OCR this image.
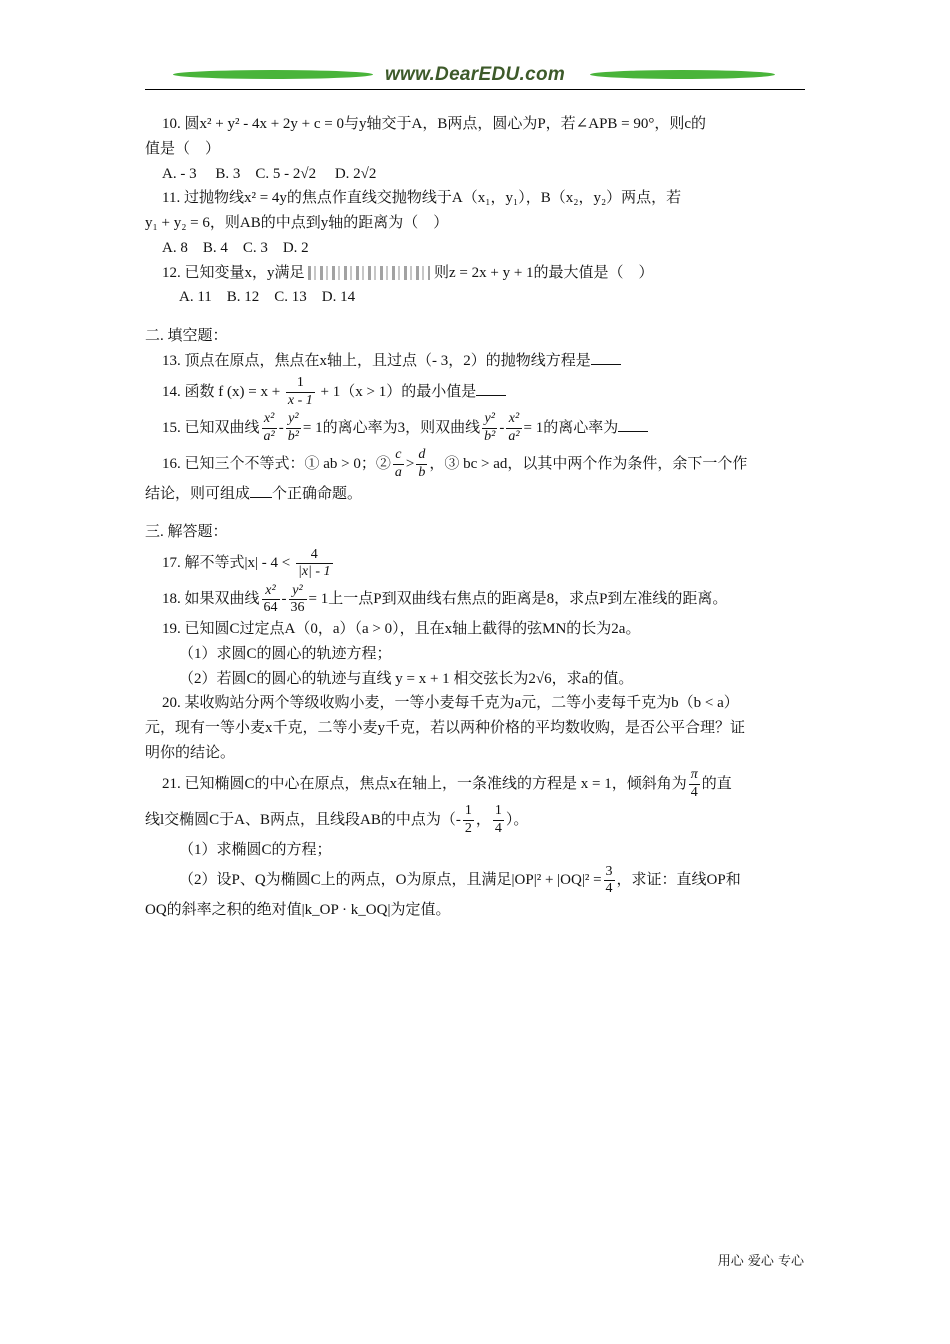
www.DearEDU.com
10. 圆x² + y² - 4x + 2y + c = 0与y轴交于A，B两点，圆心为P，若∠APB = 90°，则c的
值是（　）
A. - 3　 B. 3　C. 5 - 2√2　 D. 2√2
11. 过抛物线x² = 4y的焦点作直线交抛物线于A（x₁，y₁），B（x₂，y₂）两点，若
y₁ + y₂ = 6，则AB的中点到y轴的距离为（　）
A. 8　B. 4　C. 3　D. 2
12. 已知变量x，y满足	则z = 2x + y + 1的最大值是（　）
A. 11　B. 12　C. 13　D. 14
二. 填空题：
13. 顶点在原点，焦点在x轴上，且过点（- 3，2）的抛物线方程是
14. 函数 f $(x) = x + \frac{1}{x - 1} + 1(x > 1)$的最小值是
15. 已知双曲线 $\frac{\text{x²}}{\text{a²}} - \frac{\text{y²}}{\text{b²}} = 1$的离心率为3，则双曲线 $\frac{\text{y²}}{\text{b²}} - \frac{\text{x²}}{\text{a²}} = 1$的离心率为
16. 已知三个不等式：① ab > 0；② $\frac{c}{a} > \frac{d}{b}$ ，③ bc > ad，以其中两个作为条件，余下一个作
结论，则可组成 个正确命题。
三. 解答题：
17. 解不等式$|x| - 4 < \frac{4}{|x| - 1}$
18. 如果双曲线 $\frac{\text{x²}}{64} - \frac{\text{y²}}{36} = 1$上一点P到双曲线右焦点的距离是8，求点P到左准线的距离。
19. 已知圆C过定点A（0，a）（a > 0），且在x轴上截得的弦MN的长为2a。
（1）求圆C的圆心的轨迹方程；
（2）若圆C的圆心的轨迹与直线 y = x + 1 相交弦长为2√6，求a的值。
20. 某收购站分两个等级收购小麦，一等小麦每千克为a元，二等小麦每千克为b（b < a）
元，现有一等小麦x千克，二等小麦y千克，若以两种价格的平均数收购，是否公平合理？证
明你的结论。
21. 已知椭圆C的中心在原点，焦点x在轴上，一条准线的方程是 x = 1，倾斜角为 $\frac{\pi}{4}$ 的直
线l交椭圆C于A、B两点，且线段AB的中点为（- $\frac{1}{2}$ ， $\frac{1}{4}$ ）。
（1）求椭圆C的方程；
（2）设P、Q为椭圆C上的两点，O为原点，且满足$|OP|^2 + |OQ|^2 = \frac{3}{4}$ ，求证：直线OP和
OQ的斜率之积的绝对值|k_OP · k_OQ|为定值。
用心 爱心 专心
